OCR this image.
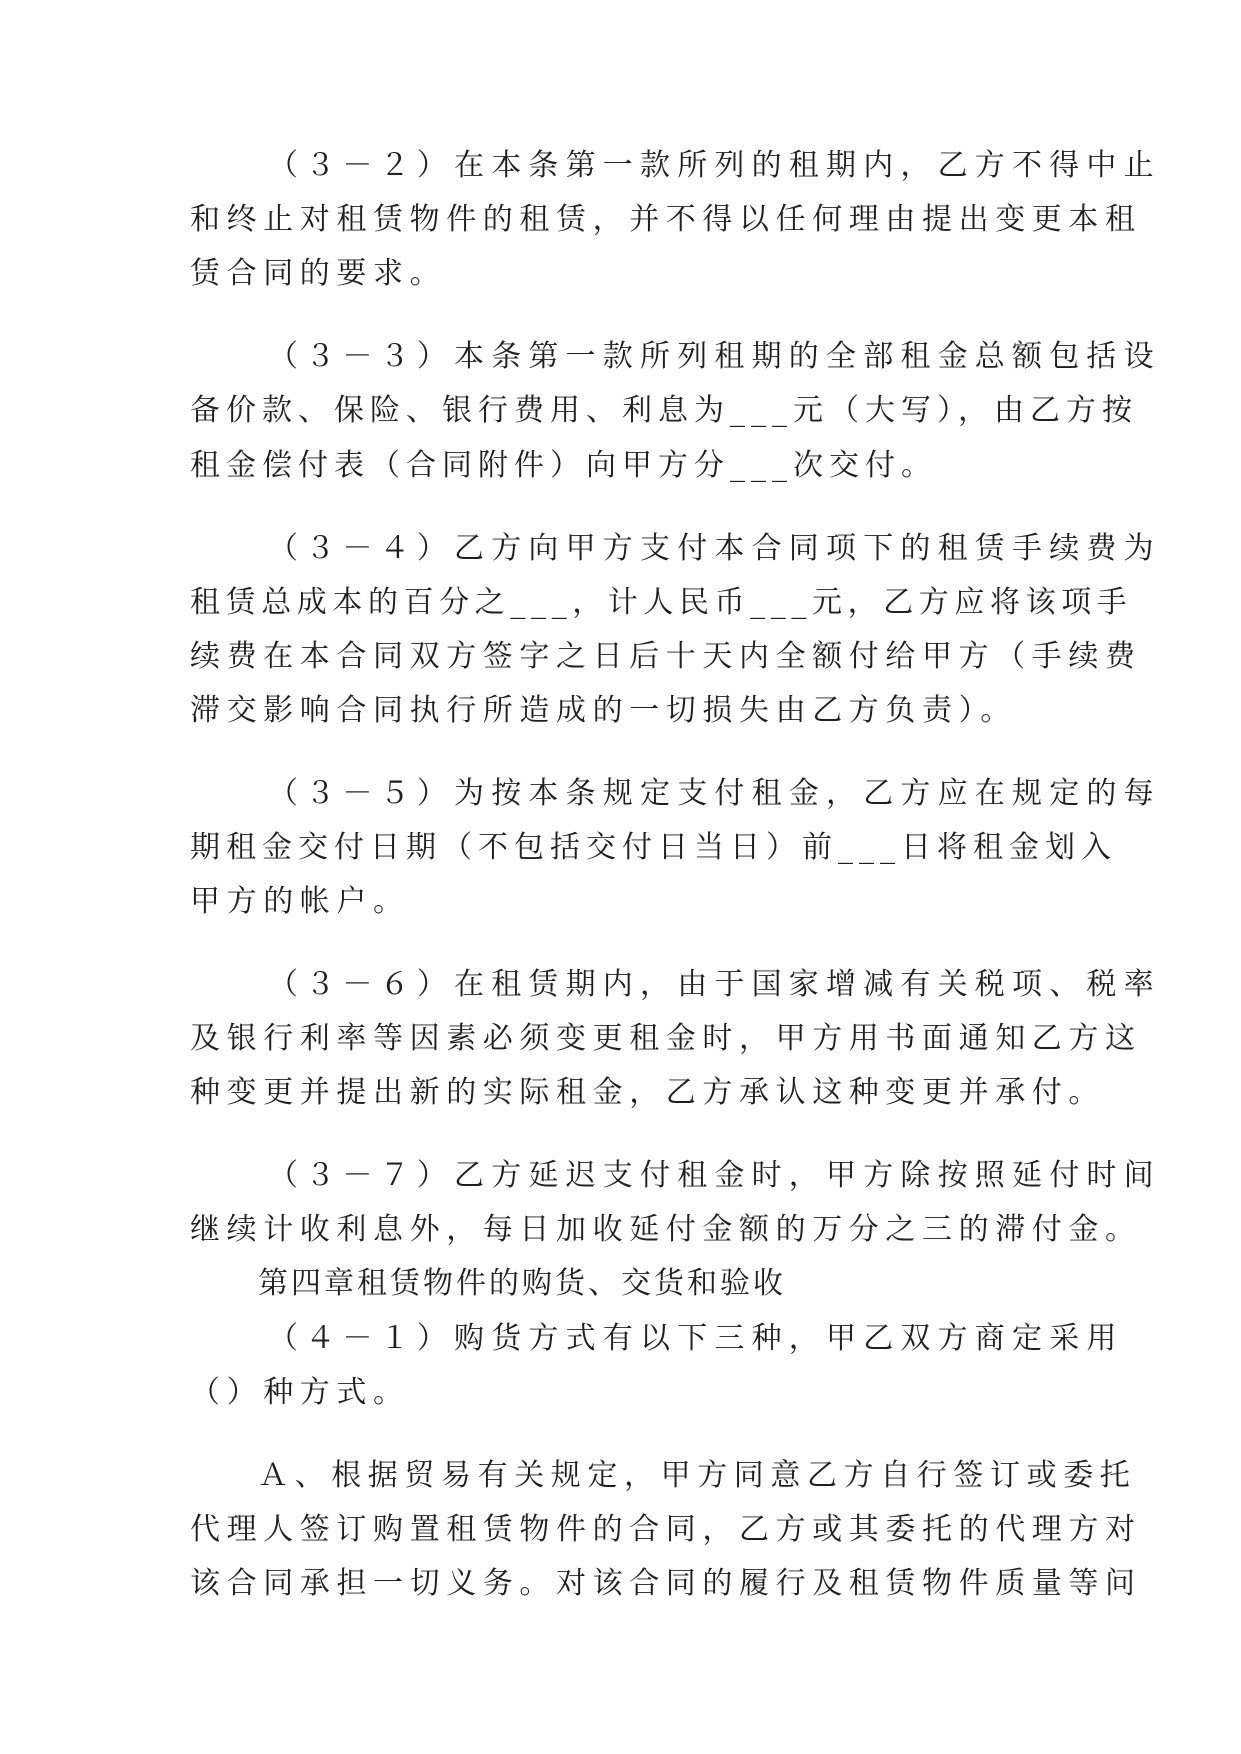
（３－２）在本条第一款所列的租期内，乙方不得中止
和终止对租赁物件的租赁，并不得以任何理由提出变更本租
赁合同的要求。
（３－３）本条第一款所列租期的全部租金总额包括设
备价款、保险、银行费用、利息为___元（大写），由乙方按
租金偿付表（合同附件）向甲方分___次交付。
（３－４）乙方向甲方支付本合同项下的租赁手续费为
租赁总成本的百分之___，计人民币___元，乙方应将该项手
续费在本合同双方签字之日后十天内全额付给甲方（手续费
滞交影响合同执行所造成的一切损失由乙方负责）。
（３－５）为按本条规定支付租金，乙方应在规定的每
期租金交付日期（不包括交付日当日）前___日将租金划入
甲方的帐户。
（３－６）在租赁期内，由于国家增减有关税项、税率
及银行利率等因素必须变更租金时，甲方用书面通知乙方这
种变更并提出新的实际租金，乙方承认这种变更并承付。
（３－７）乙方延迟支付租金时，甲方除按照延付时间
继续计收利息外，每日加收延付金额的万分之三的滞付金。
第四章租赁物件的购货、交货和验收
（４－１）购货方式有以下三种，甲乙双方商定采用
（）种方式。
Ａ、根据贸易有关规定，甲方同意乙方自行签订或委托
代理人签订购置租赁物件的合同，乙方或其委托的代理方对
该合同承担一切义务。对该合同的履行及租赁物件质量等问
